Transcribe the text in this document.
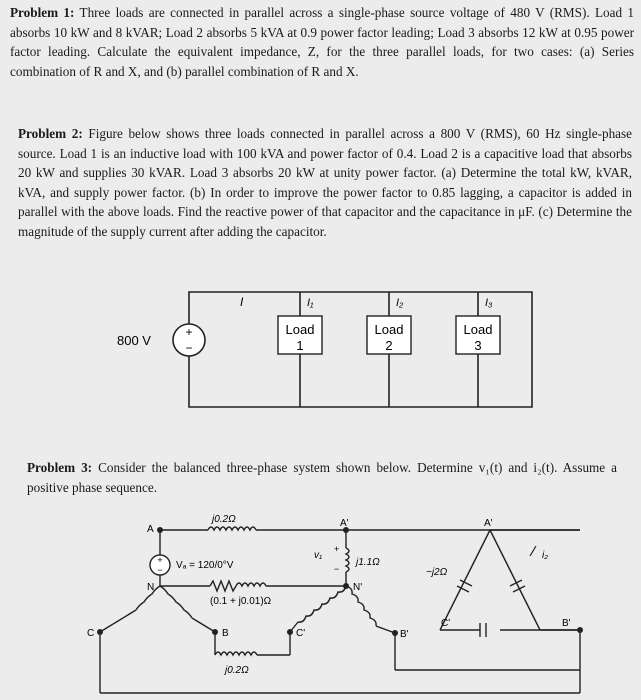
Problem 1: Three loads are connected in parallel across a single-phase source voltage of 480 V (RMS). Load 1 absorbs 10 kW and 8 kVAR; Load 2 absorbs 5 kVA at 0.9 power factor leading; Load 3 absorbs 12 kW at 0.95 power factor leading. Calculate the equivalent impedance, Z, for the three parallel loads, for two cases: (a) Series combination of R and X, and (b) parallel combination of R and X.
Problem 2: Figure below shows three loads connected in parallel across a 800 V (RMS), 60 Hz single-phase source. Load 1 is an inductive load with 100 kVA and power factor of 0.4. Load 2 is a capacitive load that absorbs 20 kW and supplies 30 kVAR. Load 3 absorbs 20 kW at unity power factor. (a) Determine the total kW, kVAR, kVA, and supply power factor. (b) In order to improve the power factor to 0.85 lagging, a capacitor is added in parallel with the above loads. Find the reactive power of that capacitor and the capacitance in μF. (c) Determine the magnitude of the supply current after adding the capacitor.
+
−
800 V
I	I₁	I₂	I₃
Load
1
Load
2
Load
3
Problem 3: Consider the balanced three-phase system shown below. Determine v₁(t) and i₂(t). Assume a positive phase sequence.
+
−
A
N
C	B
A'
N'
C'	B'
A'
C'	B'
j0.2Ω
j0.2Ω
Vₐ = 120/0°V
(0.1 + j0.01)Ω
j1.1Ω
−j2Ω
v₁
+
−
i₂
